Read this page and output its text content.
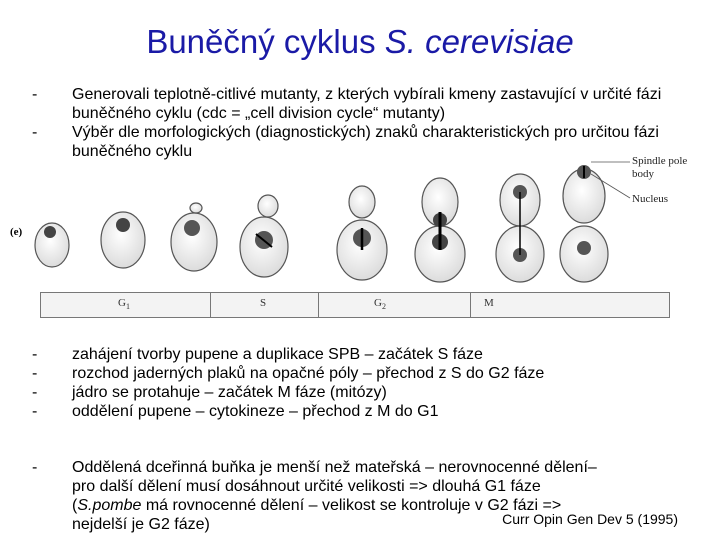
Buněčný cyklus S. cerevisiae
-	Generovali teplotně-citlivé mutanty, z kterých vybírali kmeny zastavující v určité fázi buněčného cyklu (cdc = „cell division cycle“ mutanty)
-	Výběr dle morfologických (diagnostických) znaků charakteristických pro určitou fázi buněčného cyklu
(e)
Spindle pole
body
Nucleus
$G_1$	S	$G_2$	M
-	zahájení tvorby pupene a duplikace SPB – začátek S fáze
-	rozchod jaderných plaků na opačné póly – přechod z S do G2 fáze
-	jádro se protahuje – začátek M fáze (mitózy)
-	oddělení pupene – cytokineze – přechod z M do G1
-	Oddělená dceřinná buňka je menší než mateřská – nerovnocenné dělení–
pro další dělení musí dosáhnout určité velikosti => dlouhá G1 fáze
(S.pombe má rovnocenné dělení – velikost se kontroluje v G2 fázi =>
nejdelší je G2 fáze)	Curr Opin Gen Dev 5 (1995)
